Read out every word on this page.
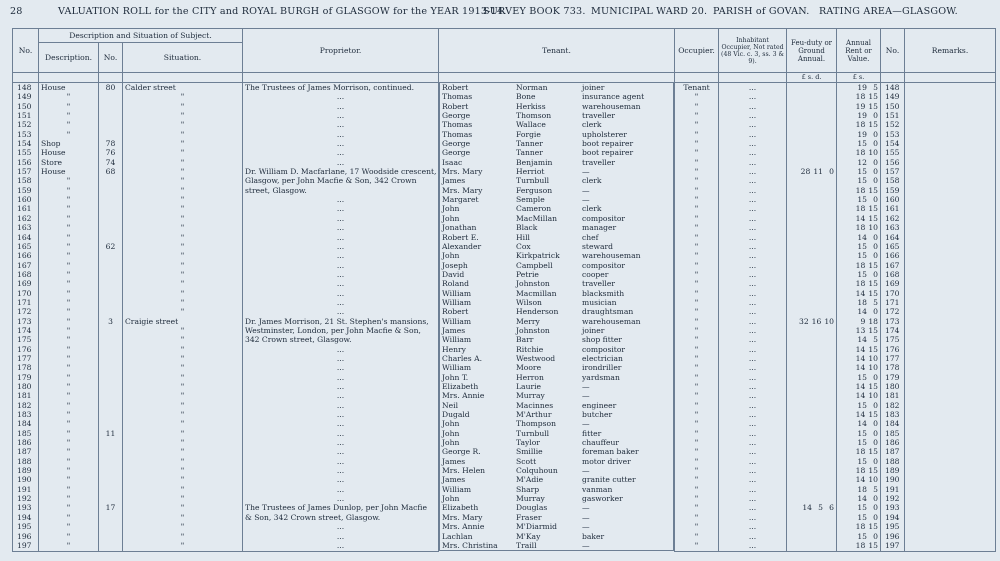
28	VALUATION ROLL for the CITY and ROYAL BURGH of GLASGOW for the YEAR 1913-14.
SURVEY BOOK 733. MUNICIPAL WARD 20. PARISH of GOVAN. RATING AREA—GLASGOW.
No.	Description and Situation of Subject.			Proprietor.	Tenant.	Occupier.	Inhabitant Occupier, Not rated (48 Vic. c. 3, ss. 3 & 9).	Feu-duty or Ground Annual.	Annual Rent or Value.	No.	Remarks.
	Description.	No.	Situation.								
								£ s. d.	£ s.		
148	House	80	Calder street	The Trustees of James Morrison, continued.		Robert	Norman	joiner	Tenant	...		19 5	148	
149	"		"	...		Thomas	Bone	insurance agent	"	...		18 15	149	
150	"		"	...		Robert	Herkiss	warehouseman	"	...		19 15	150	
151	"		"	...		George	Thomson	traveller	"	...		19 0	151	
152	"		"	...		Thomas	Wallace	clerk	"	...		18 15	152	
153	"		"	...		Thomas	Forgie	upholsterer	"	...		19 0	153	
154	Shop	78	"	...		George	Tanner	boot repairer	"	...		15 0	154	
155	House	76	"	...		George	Tanner	boot repairer	"	...		18 10	155	
156	Store	74	"	...		Isaac	Benjamin	traveller	"	...		12 0	156	
157	House	68	"	Dr. William D. Macfarlane, 17 Woodside crescent,	Mrs. Mary	Herriot	—	"	...	28 11 0	15 0	157	
158	"		"	Glasgow, per John Macfie & Son, 342 Crown		James	Turnbull	clerk	"	...		15 0	158	
159	"		"	street, Glasgow.		Mrs. Mary	Ferguson	—	"	...		18 15	159	
160	"		"	...		Margaret	Semple	—	"	...		15 0	160	
161	"		"	...		John	Cameron	clerk	"	...		18 15	161	
162	"		"	...		John	MacMillan	compositor	"	...		14 15	162	
163	"		"	...		Jonathan	Black	manager	"	...		18 10	163	
164	"		"	...		Robert E.	Hill	chef	"	...		14 0	164	
165	"	62	"	...		Alexander	Cox	steward	"	...		15 0	165	
166	"		"	...		John	Kirkpatrick	warehouseman	"	...		15 0	166	
167	"		"	...		Joseph	Campbell	compositor	"	...		18 15	167	
168	"		"	...		David	Petrie	cooper	"	...		15 0	168	
169	"		"	...		Roland	Johnston	traveller	"	...		18 15	169	
170	"		"	...		William	Macmillan	blacksmith	"	...		14 15	170	
171	"		"	...		William	Wilson	musician	"	...		18 5	171	
172	"		"	...		Robert	Henderson	draughtsman	"	...		14 0	172	
173	"	3	Craigie street	Dr. James Morrison, 21 St. Stephen's mansions,	William	Merry	warehouseman	"	...	32 16 10	9 18	173	
174	"		"	Westminster, London, per John Macfie & Son,		James	Johnston	joiner	"	...		13 15	174	
175	"		"	342 Crown street, Glasgow.		William	Barr	shop fitter	"	...		14 5	175	
176	"		"	...		Henry	Ritchie	compositor	"	...		14 15	176	
177	"		"	...		Charles A.	Westwood	electrician	"	...		14 10	177	
178	"		"	...		William	Moore	irondriller	"	...		14 10	178	
179	"		"	...		John T.	Herron	yardsman	"	...		15 0	179	
180	"		"	...		Elizabeth	Laurie	—	"	...		14 15	180	
181	"		"	...		Mrs. Annie	Murray	—	"	...		14 10	181	
182	"		"	...		Neil	Macinnes	engineer	"	...		15 0	182	
183	"		"	...		Dugald	M'Arthur	butcher	"	...		14 15	183	
184	"		"	...		John	Thompson	—	"	...		14 0	184	
185	"	11	"	...		John	Turnbull	fitter	"	...		15 0	185	
186	"		"	...		John	Taylor	chauffeur	"	...		15 0	186	
187	"		"	...		George R.	Smillie	foreman baker	"	...		18 15	187	
188	"		"	...		James	Scott	motor driver	"	...		15 0	188	
189	"		"	...		Mrs. Helen	Colquhoun	—	"	...		18 15	189	
190	"		"	...		James	M'Adie	granite cutter	"	...		14 10	190	
191	"		"	...		William	Sharp	vanman	"	...		18 5	191	
192	"		"	...		John	Murray	gasworker	"	...		14 0	192	
193	"	17	"	The Trustees of James Dunlop, per John Macfie	Elizabeth	Douglas	—	"	...	14 5 6	15 0	193	
194	"		"	& Son, 342 Crown street, Glasgow.		Mrs. Mary	Fraser	—	"	...		15 0	194	
195	"		"	...		Mrs. Annie	M'Diarmid	—	"	...		18 15	195	
196	"		"	...		Lachlan	M'Kay	baker	"	...		15 0	196	
197	"		"	...		Mrs. Christina	Traill	—	"	...		18 15	197	
